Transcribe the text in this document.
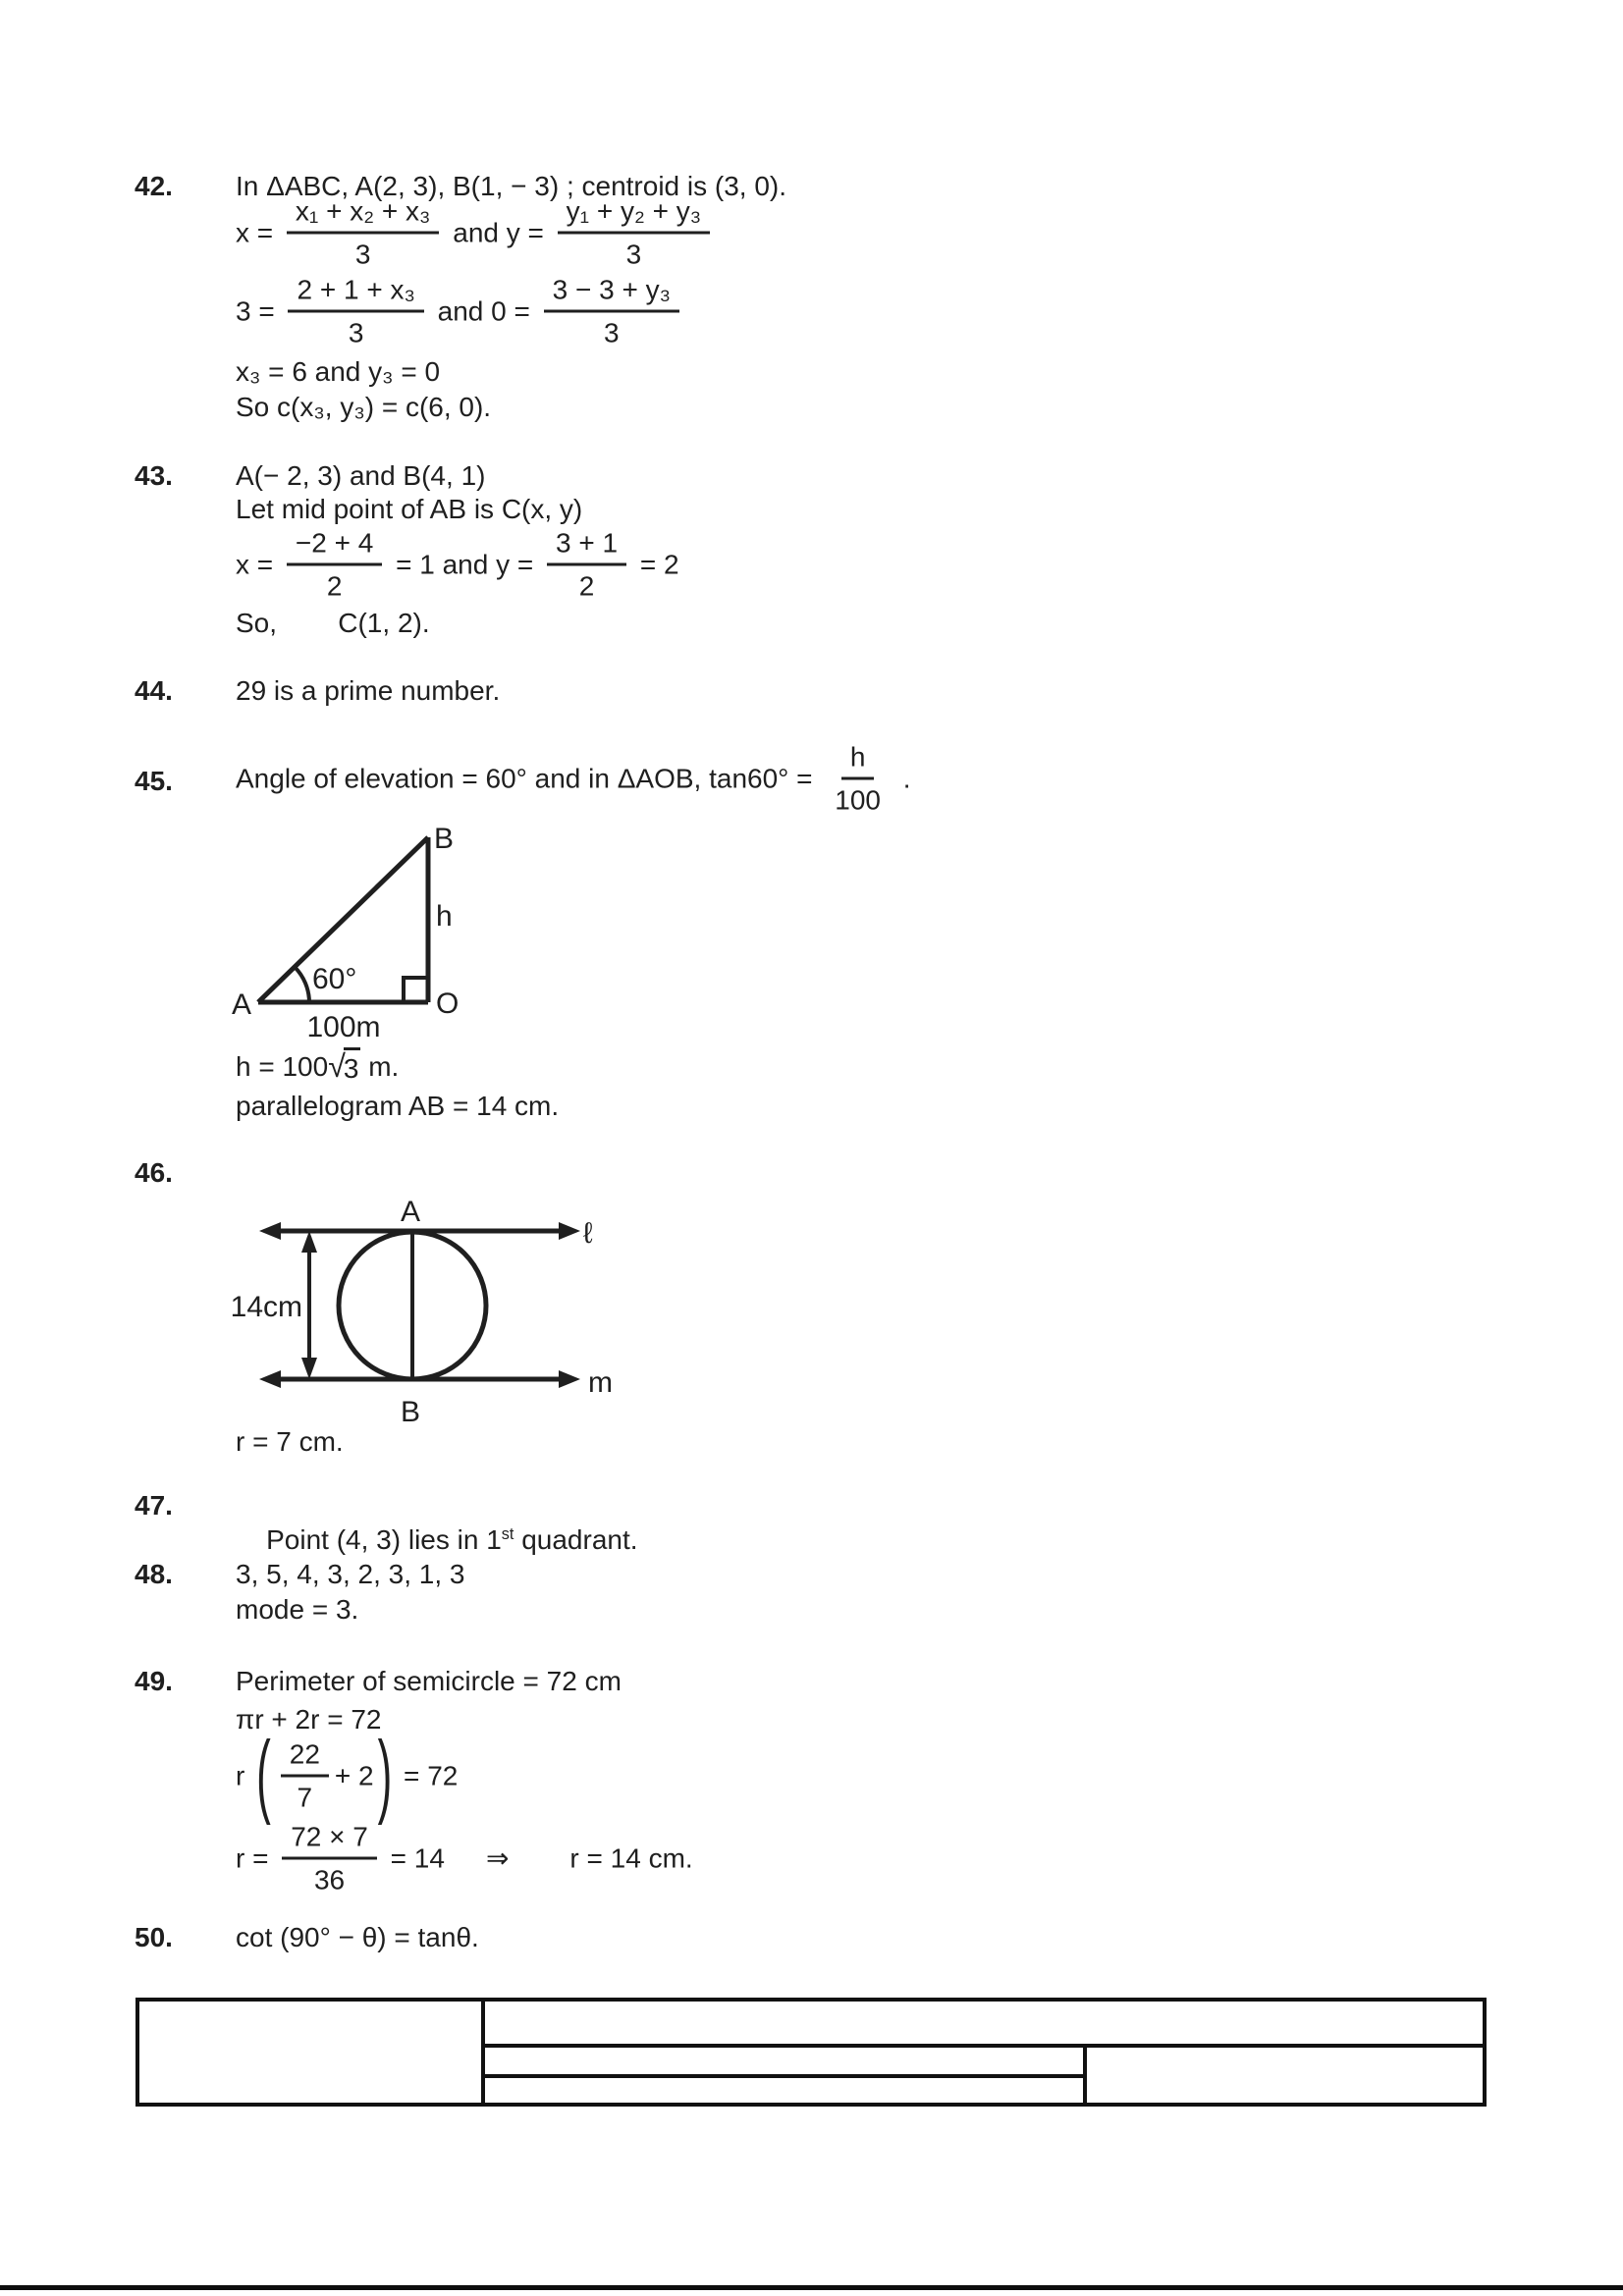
42. In ΔABC, A(2, 3), B(1, − 3) ; centroid is (3, 0).
$x = \frac{\text{x₁ + x₂ + x₃}}{3}$ and $y = \frac{\text{y₁ + y₂ + y₃}}{3}$
$3 = \frac{\text{2 + 1 + x₃}}{3}$ and $0 = \frac{\text{3 − 3 + y₃}}{3}$
x₃ = 6 and y₃ = 0
So c(x₃, y₃) = c(6, 0).
43. A(− 2, 3) and B(4, 1)
Let mid point of AB is C(x, y)
$x = \frac{-2 + 4}{2} = 1$ and $y = \frac{3 + 1}{2} = 2$
So,        C(1, 2).
44. 29 is a prime number.
45. Angle of elevation = 60° and in ΔAOB, $\tan 60^\circ = \frac{h}{100}$ .
A
B
O
h
60°
100m
h = 100 √
3 m.
parallelogram AB = 14 cm.
46.
A
B
ℓ
m
14cm
r = 7 cm.
47.

Point (4, 3) lies in 1st quadrant.

48. 3, 5, 4, 3, 2, 3, 1, 3
mode = 3.
49. Perimeter of semicircle = 72 cm
πr + 2r = 72
r ( $\frac{22}{7} + 2$ ) = 72
$r = \frac{72 \times 7}{36} = 14$ ⇒ r = 14 cm.
50. cot (90° − θ) = tanθ.
